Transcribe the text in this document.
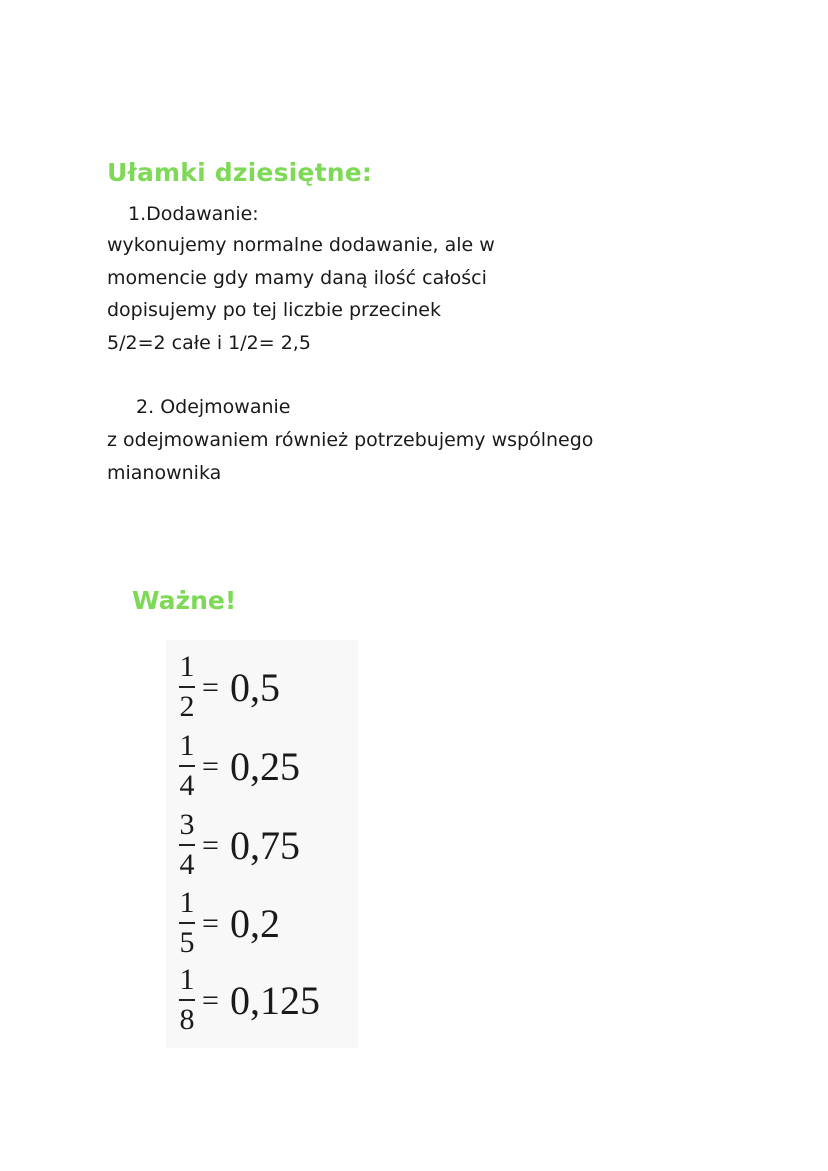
Ułamki dziesiętne:

1.Dodawanie:

wykonujemy normalne dodawanie, ale w
momencie gdy mamy daną ilość całości
dopisujemy po tej liczbie przecinek
5/2=2 całe i 1/2= 2,5

2. Odejmowanie

z odejmowaniem również potrzebujemy wspólnego
mianownika
Ważne!
1
2
= 0,5
1
4
= 0,25
3
4
= 0,75
1
5
= 0,2
1
8
= 0,125
